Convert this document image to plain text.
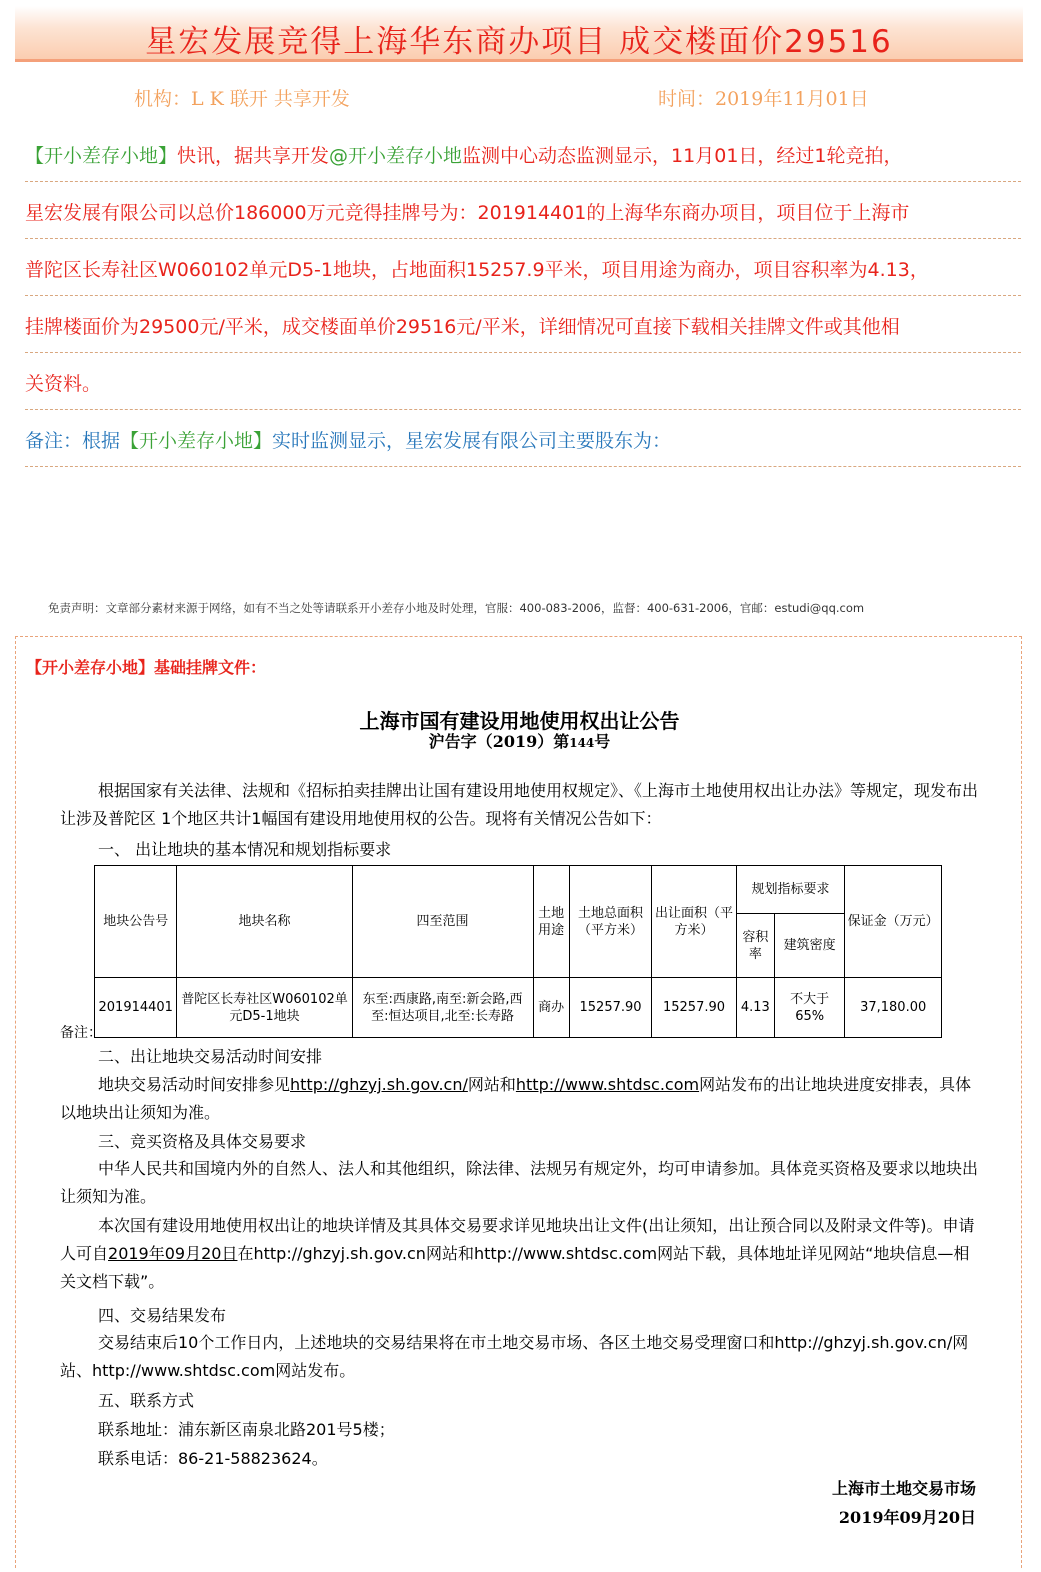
星宏发展竞得上海华东商办项目 成交楼面价29516
机构：L K 联开 共享开发	时间：2019年11月01日
【开小差存小地】快讯，据共享开发@开小差存小地监测中心动态监测显示，11月01日，经过1轮竞拍，
星宏发展有限公司以总价186000万元竞得挂牌号为：201914401的上海华东商办项目，项目位于上海市
普陀区长寿社区W060102单元D5-1地块，占地面积15257.9平米，项目用途为商办，项目容积率为4.13，
挂牌楼面价为29500元/平米，成交楼面单价29516元/平米，详细情况可直接下载相关挂牌文件或其他相
关资料。
备注：根据【开小差存小地】实时监测显示，星宏发展有限公司主要股东为：
免责声明：文章部分素材来源于网络，如有不当之处等请联系开小差存小地及时处理，官服：400-083-2006，监督：400-631-2006，官邮：estudi@qq.com
【开小差存小地】基础挂牌文件：
上海市国有建设用地使用权出让公告
沪告字（2019）第144号
根据国家有关法律、法规和《招标拍卖挂牌出让国有建设用地使用权规定》、《上海市土地使用权出让办法》等规定，现发布出让涉及普陀区 1个地区共计1幅国有建设用地使用权的公告。现将有关情况公告如下：
一、 出让地块的基本情况和规划指标要求
地块公告号	地块名称	四至范围	土地用途	土地总面积（平方米）	出让面积（平方米）	规划指标要求		保证金（万元）
						容积率	建筑密度	
201914401	普陀区长寿社区W060102单元D5-1地块	东至:西康路,南至:新会路,西至:恒达项目,北至:长寿路	商办	15257.90	15257.90	4.13	不大于65%	37,180.00
备注：
二、出让地块交易活动时间安排
地块交易活动时间安排参见http://ghzyj.sh.gov.cn/网站和http://www.shtdsc.com网站发布的出让地块进度安排表，具体以地块出让须知为准。
三、竞买资格及具体交易要求
中华人民共和国境内外的自然人、法人和其他组织，除法律、法规另有规定外，均可申请参加。具体竞买资格及要求以地块出让须知为准。
本次国有建设用地使用权出让的地块详情及其具体交易要求详见地块出让文件(出让须知，出让预合同以及附录文件等)。申请人可自2019年09月20日在http://ghzyj.sh.gov.cn网站和http://www.shtdsc.com网站下载，具体地址详见网站“地块信息—相关文档下载”。
四、交易结果发布
交易结束后10个工作日内，上述地块的交易结果将在市土地交易市场、各区土地交易受理窗口和http://ghzyj.sh.gov.cn/网站、http://www.shtdsc.com网站发布。
五、联系方式
联系地址：浦东新区南泉北路201号5楼；
联系电话：86-21-58823624。
上海市土地交易市场
2019年09月20日
